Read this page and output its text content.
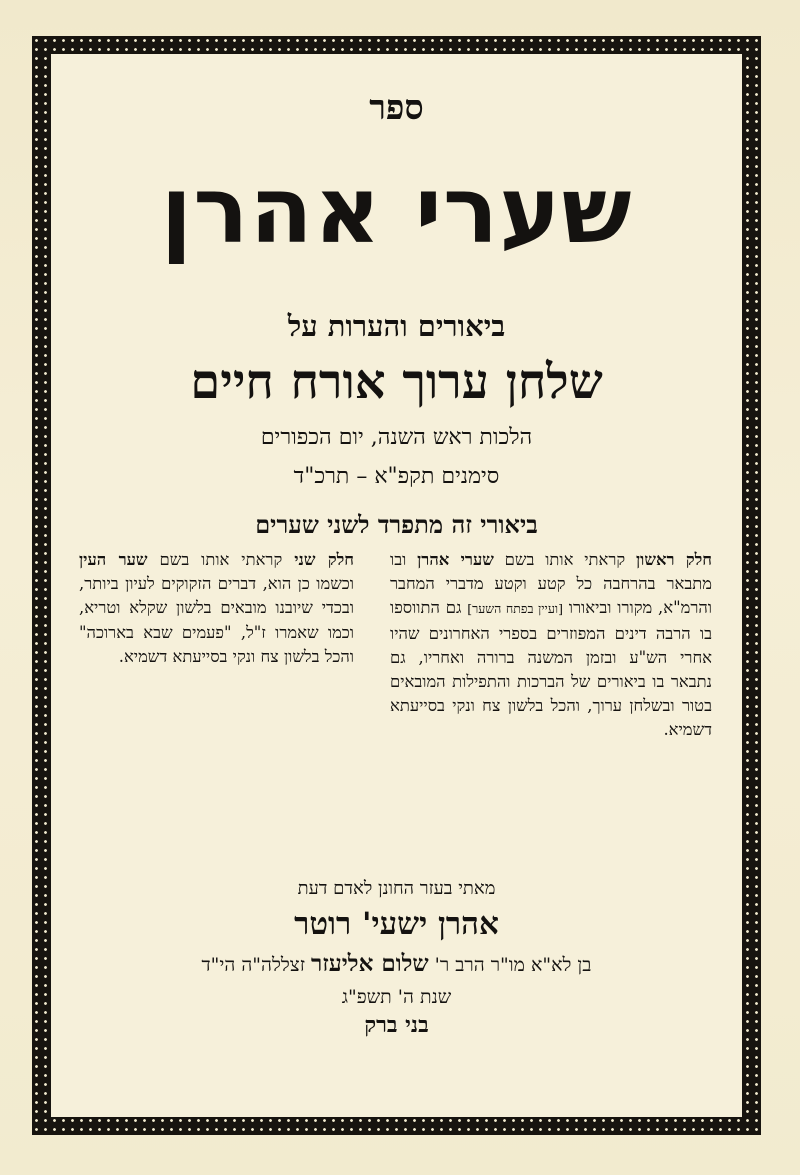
ספר
שערי אהרן
ביאורים והערות על
שלחן ערוך אורח חיים
הלכות ראש השנה, יום הכפורים
סימנים תקפ"א – תרכ"ד
ביאורי זה מתפרד לשני שערים
חלק ראשון קראתי אותו בשם שערי אהרן ובו מתבאר בהרחבה כל קטע וקטע מדברי המחבר והרמ"א, מקורו וביאורו [ועיין בפתח השער] גם התווספו בו הרבה דינים המפוזרים בספרי האחרונים שהיו אחרי הש"ע ובזמן המשנה ברורה ואחריו, גם נתבאר בו ביאורים של הברכות והתפילות המובאים בטור ובשלחן ערוך, והכל בלשון צח ונקי בסייעתא דשמיא.
חלק שני קראתי אותו בשם שער העין וכשמו כן הוא, דברים הזקוקים לעיון ביותר, ובכדי שיובנו מובאים בלשון שקלא וטריא, וכמו שאמרו ז"ל, "פעמים שבא בארוכה" והכל בלשון צח ונקי בסייעתא דשמיא.
מאתי בעזר החונן לאדם דעת
אהרן ישעי' רוטר
בן לא"א מו"ר הרב ר' שלום אליעזר זצללה"ה הי"ד
שנת ה' תשפ"ג
בני ברק
